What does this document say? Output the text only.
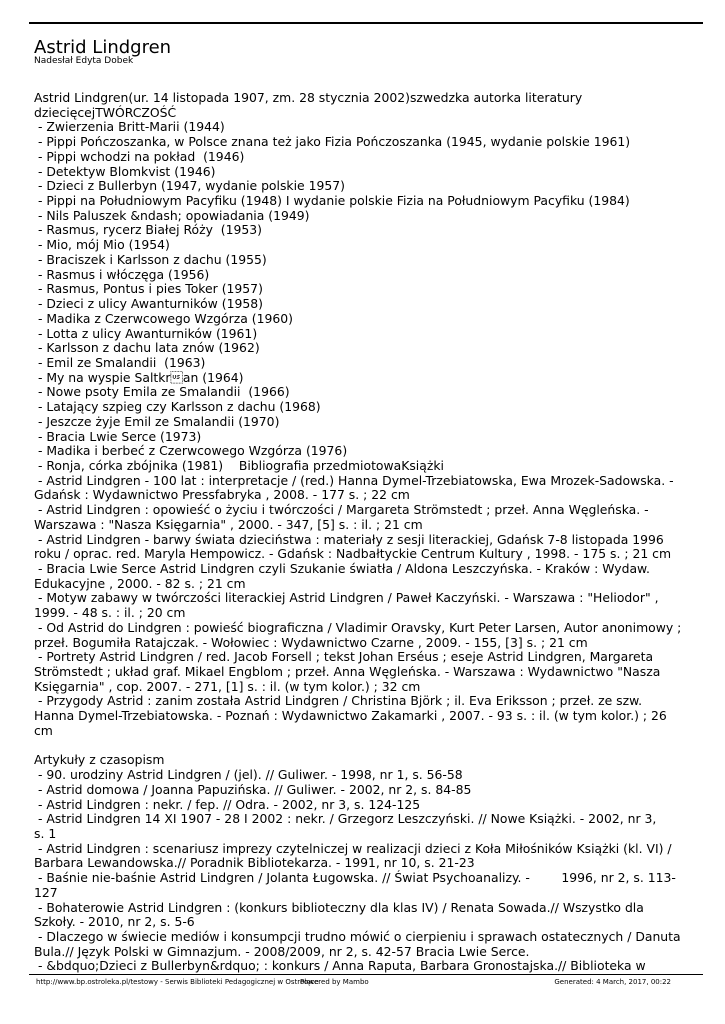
Astrid Lindgren
Nadesłał Edyta Dobek
Astrid Lindgren(ur. 14 listopada 1907, zm. 28 stycznia 2002)szwedzka autorka literatury
dziecięcejTWÓRCZOŚĆ
- Zwierzenia Britt-Marii (1944)
- Pippi Pończoszanka, w Polsce znana też jako Fizia Pończoszanka (1945, wydanie polskie 1961)
- Pippi wchodzi na pokład  (1946)
- Detektyw Blomkvist (1946)
- Dzieci z Bullerbyn (1947, wydanie polskie 1957)
- Pippi na Południowym Pacyfiku (1948) I wydanie polskie Fizia na Południowym Pacyfiku (1984)
- Nils Paluszek &ndash; opowiadania (1949)
- Rasmus, rycerz Białej Róży  (1953)
- Mio, mój Mio (1954)
- Braciszek i Karlsson z dachu (1955)
- Rasmus i włóczęga (1956)
- Rasmus, Pontus i pies Toker (1957)
- Dzieci z ulicy Awanturników (1958)
- Madika z Czerwcowego Wzgórza (1960)
- Lotta z ulicy Awanturników (1961)
- Karlsson z dachu lata znów (1962)
- Emil ze Smalandii  (1963)
- My na wyspie Saltkran (1964)
- Nowe psoty Emila ze Smalandii  (1966)
- Latający szpieg czy Karlsson z dachu (1968)
- Jeszcze żyje Emil ze Smalandii (1970)
- Bracia Lwie Serce (1973)
- Madika i berbeć z Czerwcowego Wzgórza (1976)
- Ronja, córka zbójnika (1981)    Bibliografia przedmiotowaKsiążki
- Astrid Lindgren - 100 lat : interpretacje / (red.) Hanna Dymel-Trzebiatowska, Ewa Mrozek-Sadowska. -
Gdańsk : Wydawnictwo Pressfabryka , 2008. - 177 s. ; 22 cm
- Astrid Lindgren : opowieść o życiu i twórczości / Margareta Strömstedt ; przeł. Anna Węgleńska. -
Warszawa : "Nasza Księgarnia" , 2000. - 347, [5] s. : il. ; 21 cm
- Astrid Lindgren - barwy świata dzieciństwa : materiały z sesji literackiej, Gdańsk 7-8 listopada 1996
roku / oprac. red. Maryla Hempowicz. - Gdańsk : Nadbałtyckie Centrum Kultury , 1998. - 175 s. ; 21 cm
- Bracia Lwie Serce Astrid Lindgren czyli Szukanie światła / Aldona Leszczyńska. - Kraków : Wydaw.
Edukacyjne , 2000. - 82 s. ; 21 cm
- Motyw zabawy w twórczości literackiej Astrid Lindgren / Paweł Kaczyński. - Warszawa : "Heliodor" ,
1999. - 48 s. : il. ; 20 cm
- Od Astrid do Lindgren : powieść biograficzna / Vladimir Oravsky, Kurt Peter Larsen, Autor anonimowy ;
przeł. Bogumiła Ratajczak. - Wołowiec : Wydawnictwo Czarne , 2009. - 155, [3] s. ; 21 cm
- Portrety Astrid Lindgren / red. Jacob Forsell ; tekst Johan Erséus ; eseje Astrid Lindgren, Margareta
Strömstedt ; układ graf. Mikael Engblom ; przeł. Anna Węgleńska. - Warszawa : Wydawnictwo "Nasza
Księgarnia" , cop. 2007. - 271, [1] s. : il. (w tym kolor.) ; 32 cm
- Przygody Astrid : zanim została Astrid Lindgren / Christina Björk ; il. Eva Eriksson ; przeł. ze szw.
Hanna Dymel-Trzebiatowska. - Poznań : Wydawnictwo Zakamarki , 2007. - 93 s. : il. (w tym kolor.) ; 26
cm
Artykuły z czasopism
- 90. urodziny Astrid Lindgren / (jel). // Guliwer. - 1998, nr 1, s. 56-58
- Astrid domowa / Joanna Papuzińska. // Guliwer. - 2002, nr 2, s. 84-85
- Astrid Lindgren : nekr. / fep. // Odra. - 2002, nr 3, s. 124-125
- Astrid Lindgren 14 XI 1907 - 28 I 2002 : nekr. / Grzegorz Leszczyński. // Nowe Książki. - 2002, nr 3,
s. 1
- Astrid Lindgren : scenariusz imprezy czytelniczej w realizacji dzieci z Koła Miłośników Książki (kl. VI) /
Barbara Lewandowska.// Poradnik Bibliotekarza. - 1991, nr 10, s. 21-23
- Baśnie nie-baśnie Astrid Lindgren / Jolanta Ługowska. // Świat Psychoanalizy. -        1996, nr 2, s. 113-
127
- Bohaterowie Astrid Lindgren : (konkurs biblioteczny dla klas IV) / Renata Sowada.// Wszystko dla
Szkoły. - 2010, nr 2, s. 5-6
- Dlaczego w świecie mediów i konsumpcji trudno mówić o cierpieniu i sprawach ostatecznych / Danuta
Bula.// Język Polski w Gimnazjum. - 2008/2009, nr 2, s. 42-57 Bracia Lwie Serce.
- &bdquo;Dzieci z Bullerbyn&rdquo; : konkurs / Anna Raputa, Barbara Gronostajska.// Biblioteka w
http://www.bp.ostroleka.pl/testowy - Serwis Biblioteki Pedagogicznej w Ostrołęce
Powered by Mambo	Generated: 4 March, 2017, 00:22
